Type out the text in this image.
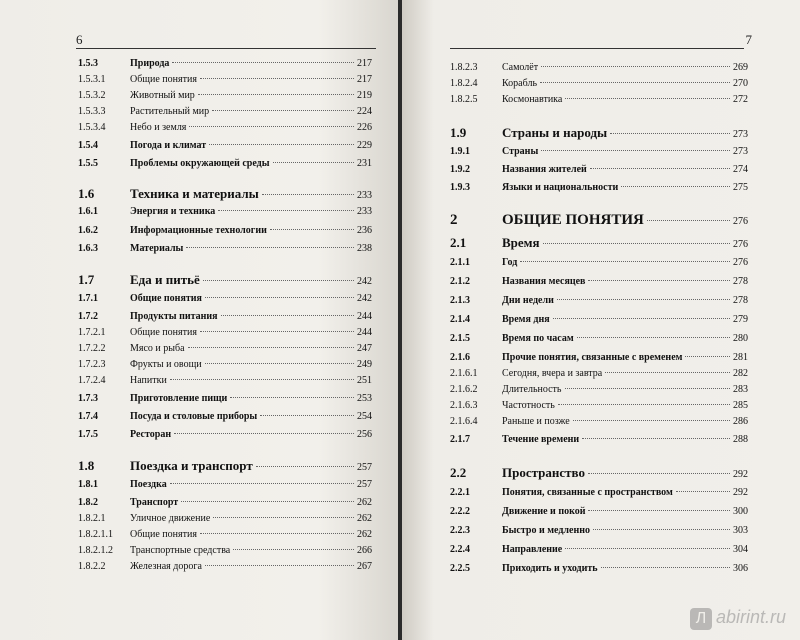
6
1.5.3	Природа	217
1.5.3.1	Общие понятия	217
1.5.3.2	Животный мир	219
1.5.3.3	Растительный мир	224
1.5.3.4	Небо и земля	226
1.5.4	Погода и климат	229
1.5.5	Проблемы окружающей среды	231
1.6	Техника и материалы	233
1.6.1	Энергия и техника	233
1.6.2	Информационные технологии	236
1.6.3	Материалы	238
1.7	Еда и питьё	242
1.7.1	Общие понятия	242
1.7.2	Продукты питания	244
1.7.2.1	Общие понятия	244
1.7.2.2	Мясо и рыба	247
1.7.2.3	Фрукты и овощи	249
1.7.2.4	Напитки	251
1.7.3	Приготовление пищи	253
1.7.4	Посуда и столовые приборы	254
1.7.5	Ресторан	256
1.8	Поездка и транспорт	257
1.8.1	Поездка	257
1.8.2	Транспорт	262
1.8.2.1	Уличное движение	262
1.8.2.1.1	Общие понятия	262
1.8.2.1.2	Транспортные средства	266
1.8.2.2	Железная дорога	267
7
1.8.2.3	Самолёт	269
1.8.2.4	Корабль	270
1.8.2.5	Космонавтика	272
1.9	Страны и народы	273
1.9.1	Страны	273
1.9.2	Названия жителей	274
1.9.3	Языки и национальности	275
2	ОБЩИЕ ПОНЯТИЯ	276
2.1	Время	276
2.1.1	Год	276
2.1.2	Названия месяцев	278
2.1.3	Дни недели	278
2.1.4	Время дня	279
2.1.5	Время по часам	280
2.1.6	Прочие понятия, связанные с временем	281
2.1.6.1	Сегодня, вчера и завтра	282
2.1.6.2	Длительность	283
2.1.6.3	Частотность	285
2.1.6.4	Раньше и позже	286
2.1.7	Течение времени	288
2.2	Пространство	292
2.2.1	Понятия, связанные с пространством	292
2.2.2	Движение и покой	300
2.2.3	Быстро и медленно	303
2.2.4	Направление	304
2.2.5	Приходить и уходить	306
Л abirint.ru
